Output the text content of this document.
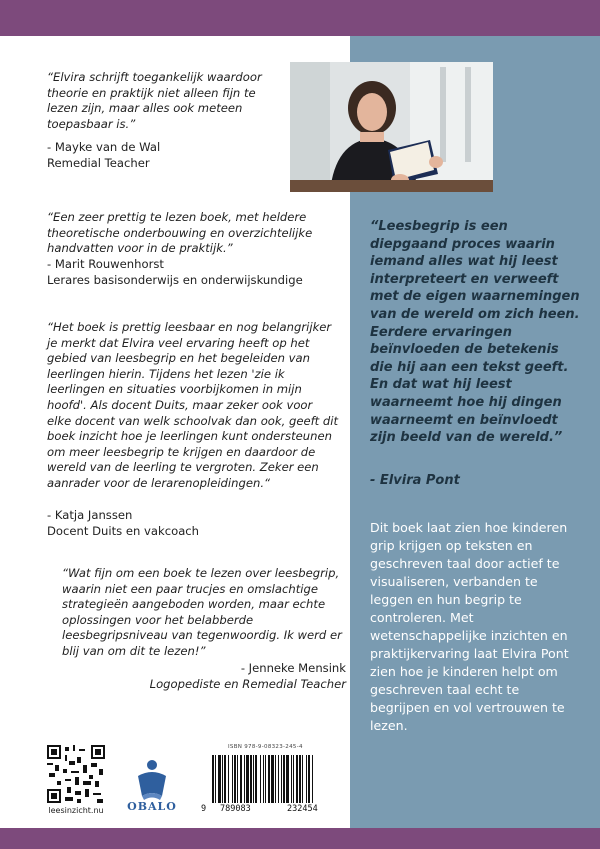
“Elvira schrijft toegankelijk waardoor theorie en praktijk niet alleen fijn te lezen zijn, maar alles ook meteen toepasbaar is.”
- Mayke van de Wal
Remedial Teacher
“Een zeer prettig te lezen boek, met heldere theoretische onderbouwing en overzichtelijke handvatten voor in de praktijk.”
- Marit Rouwenhorst
Lerares basisonderwijs en onderwijskundige
“Het boek is prettig leesbaar en nog belangrijker je merkt dat Elvira veel ervaring heeft op het gebied van leesbegrip en het begeleiden van leerlingen hierin. Tijdens het lezen 'zie ik leerlingen en situaties voorbijkomen in mijn hoofd'. Als docent Duits, maar zeker ook voor elke docent van welk schoolvak dan ook, geeft dit boek inzicht hoe je leerlingen kunt ondersteunen om meer leesbegrip te krijgen en daardoor de wereld van de leerling te vergroten. Zeker een aanrader voor de lerarenopleidingen.“
- Katja Janssen
Docent Duits en vakcoach
“Wat fijn om een boek te lezen over leesbegrip, waarin niet een paar trucjes en omslachtige strategieën aangeboden worden, maar echte oplossingen voor het belabberde leesbegripsniveau van tegenwoordig. Ik werd er blij van om dit te lezen!”
- Jenneke Mensink
Logopediste en Remedial Teacher
“Leesbegrip is een diepgaand proces waarin iemand alles wat hij leest interpreteert en verweeft met de eigen waarnemingen van de wereld om zich heen. Eerdere ervaringen beïnvloeden de betekenis die hij aan een tekst geeft. En dat wat hij leest waarneemt hoe hij dingen waarneemt en beïnvloedt zijn beeld van de wereld.”
- Elvira Pont
Dit boek laat zien hoe kinderen grip krijgen op teksten en geschreven taal door actief te visualiseren, verbanden te leggen en hun begrip te controleren. Met wetenschappelijke inzichten en praktijkervaring laat Elvira Pont zien hoe je kinderen helpt om geschreven taal echt te begrijpen en vol vertrouwen te lezen.
leesinzicht.nu	OBALO
ISBN 978-9-08323-245-4
9 789083	232454
